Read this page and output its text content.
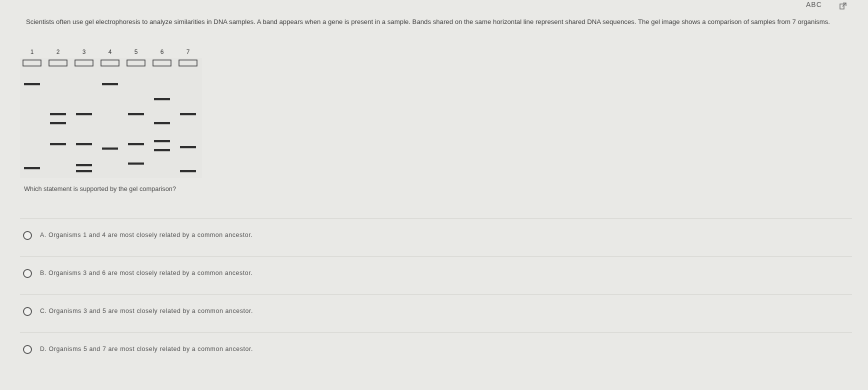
ABC
Scientists often use gel electrophoresis to analyze similarities in DNA samples. A band appears when a gene is present in a sample. Bands shared on the same horizontal line represent shared DNA sequences. The gel image shows a comparison of samples from 7 organisms.
1	2	3	4	5	6	7
Which statement is supported by the gel comparison?
A. Organisms 1 and 4 are most closely related by a common ancestor.
B. Organisms 3 and 6 are most closely related by a common ancestor.
C. Organisms 3 and 5 are most closely related by a common ancestor.
D. Organisms 5 and 7 are most closely related by a common ancestor.
